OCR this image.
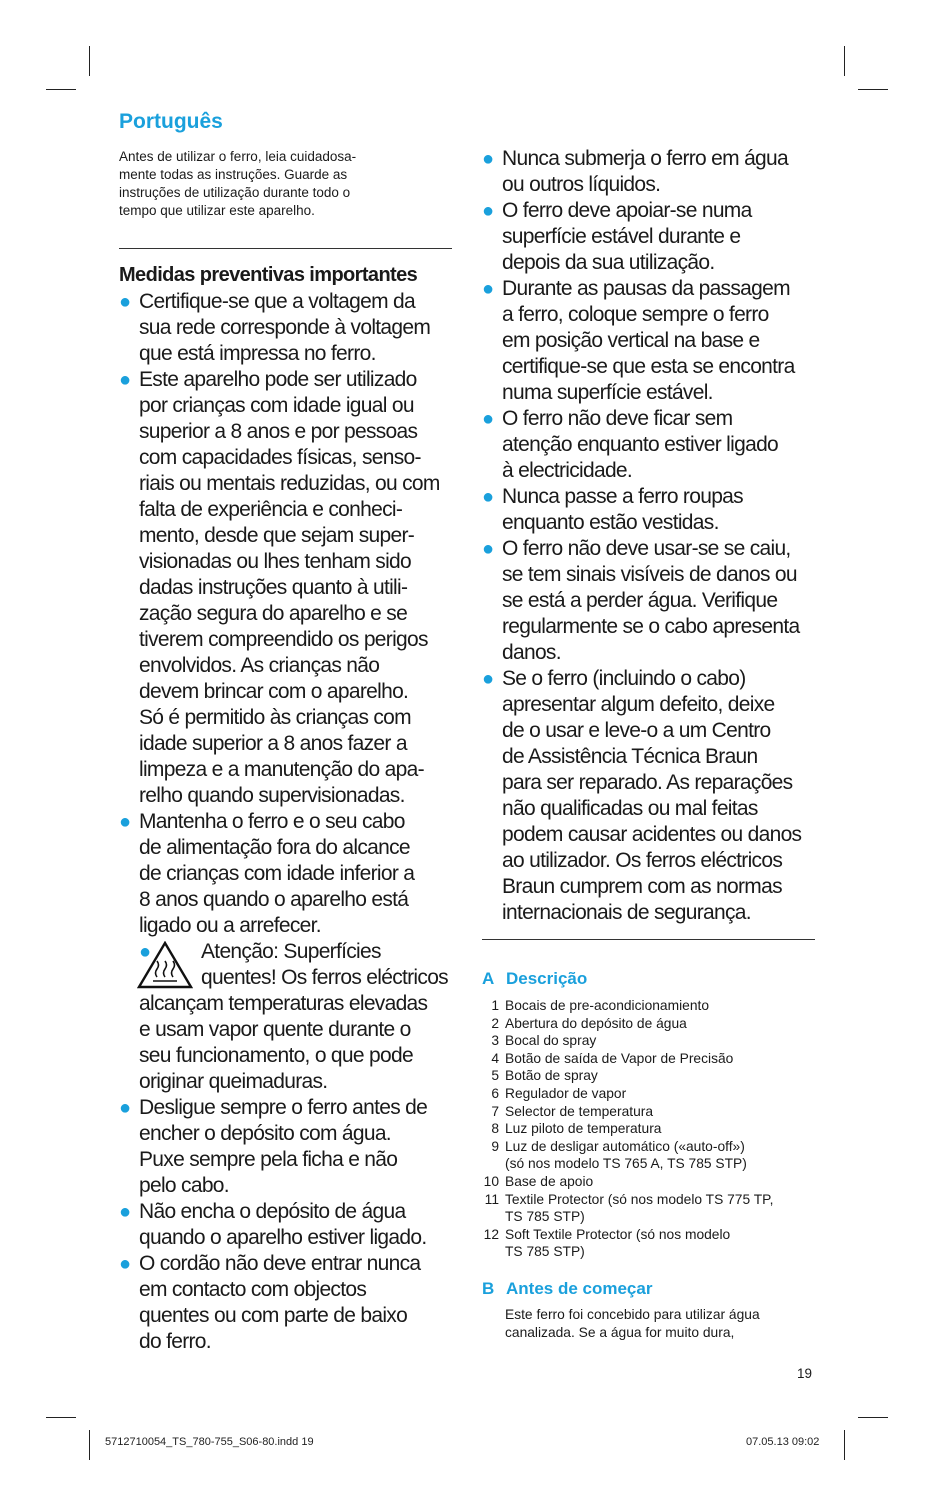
Português

Antes de utilizar o ferro, leia cuidadosa-
mente todas as instruções. Guarde as
instruções de utilização durante todo o
tempo que utilizar este aparelho.

Medidas preventivas importantes
● Certifique-se que a voltagem da
sua rede corresponde à voltagem
que está impressa no ferro.
● Este aparelho pode ser utilizado
por crianças com idade igual ou
superior a 8 anos e por pessoas
com capacidades físicas, senso-
riais ou mentais reduzidas, ou com
falta de experiência e conheci-
mento, desde que sejam super-
visionadas ou lhes tenham sido
dadas instruções quanto à utili-
zação segura do aparelho e se
tiverem compreendido os perigos
envolvidos. As crianças não
devem brincar com o aparelho.
Só é permitido às crianças com
idade superior a 8 anos fazer a
limpeza e a manutenção do apa-
relho quando supervisionadas.
● Mantenha o ferro e o seu cabo
de alimentação fora do alcance
de crianças com idade inferior a
8 anos quando o aparelho está
ligado ou a arrefecer.
●	Atenção: Superfícies
quentes! Os ferros eléctricos
alcançam temperaturas elevadas
e usam vapor quente durante o
seu funcionamento, o que pode
originar queimaduras.
● Desligue sempre o ferro antes de
encher o depósito com água.
Puxe sempre pela ficha e não
pelo cabo.
● Não encha o depósito de água
quando o aparelho estiver ligado.
● O cordão não deve entrar nunca
em contacto com objectos
quentes ou com parte de baixo
do ferro.
● Nunca submerja o ferro em água
ou outros líquidos.
● O ferro deve apoiar-se numa
superfície estável durante e
depois da sua utilização.
● Durante as pausas da passagem
a ferro, coloque sempre o ferro
em posição vertical na base e
certifique-se que esta se encontra
numa superfície estável.
● O ferro não deve ficar sem
atenção enquanto estiver ligado
à electricidade.
● Nunca passe a ferro roupas
enquanto estão vestidas.
● O ferro não deve usar-se se caiu,
se tem sinais visíveis de danos ou
se está a perder água. Verifique
regularmente se o cabo apresenta
danos.
● Se o ferro (incluindo o cabo)
apresentar algum defeito, deixe
de o usar e leve-o a um Centro
de Assistência Técnica Braun
para ser reparado. As reparações
não qualificadas ou mal feitas
podem causar acidentes ou danos
ao utilizador. Os ferros eléctricos
Braun cumprem com as normas
internacionais de segurança.
A Descrição
1 Bocais de pre-acondicionamiento
2 Abertura do depósito de água
3 Bocal do spray
4 Botão de saída de Vapor de Precisão
5 Botão de spray
6 Regulador de vapor
7 Selector de temperatura
8 Luz piloto de temperatura
9 Luz de desligar automático («auto-off»)
(só nos modelo TS 765 A, TS 785 STP)
10 Base de apoio
11 Textile Protector (só nos modelo TS 775 TP,
TS 785 STP)
12 Soft Textile Protector (só nos modelo
TS 785 STP)
B Antes de começar
Este ferro foi concebido para utilizar água
canalizada. Se a água for muito dura,
19
5712710054_TS_780-755_S06-80.indd 19	07.05.13 09:02
